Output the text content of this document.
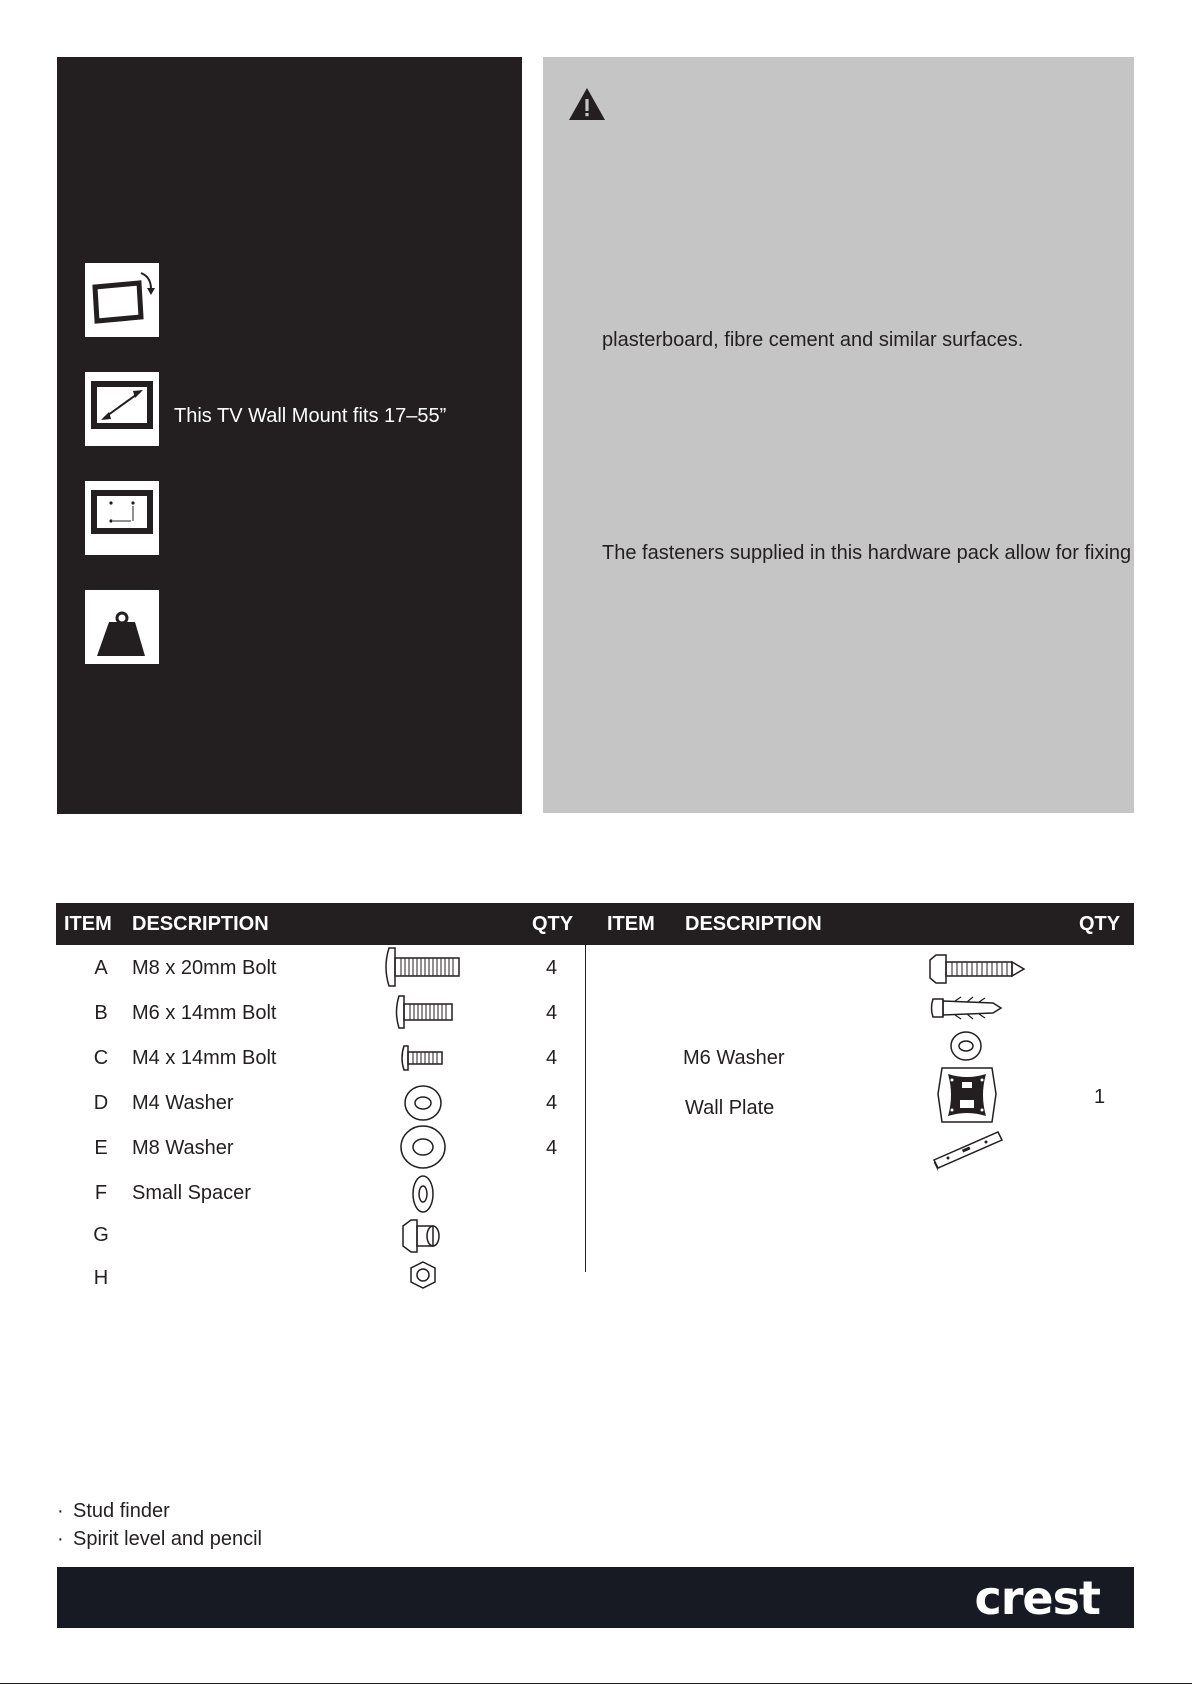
This TV Wall Mount fits 17–55”
plasterboard, fibre cement and similar surfaces.
The fasteners supplied in this hardware pack allow for fixing
ITEM DESCRIPTION	QTY ITEM DESCRIPTION	QTY
A	M8 x 20mm Bolt	4
B	M6 x 14mm Bolt	4
C	M4 x 14mm Bolt	4
D	M4 Washer	4
E	M8 Washer	4
F	Small Spacer
G
H
M6 Washer
Wall Plate	1
· Stud finder
· Spirit level and pencil
crest
